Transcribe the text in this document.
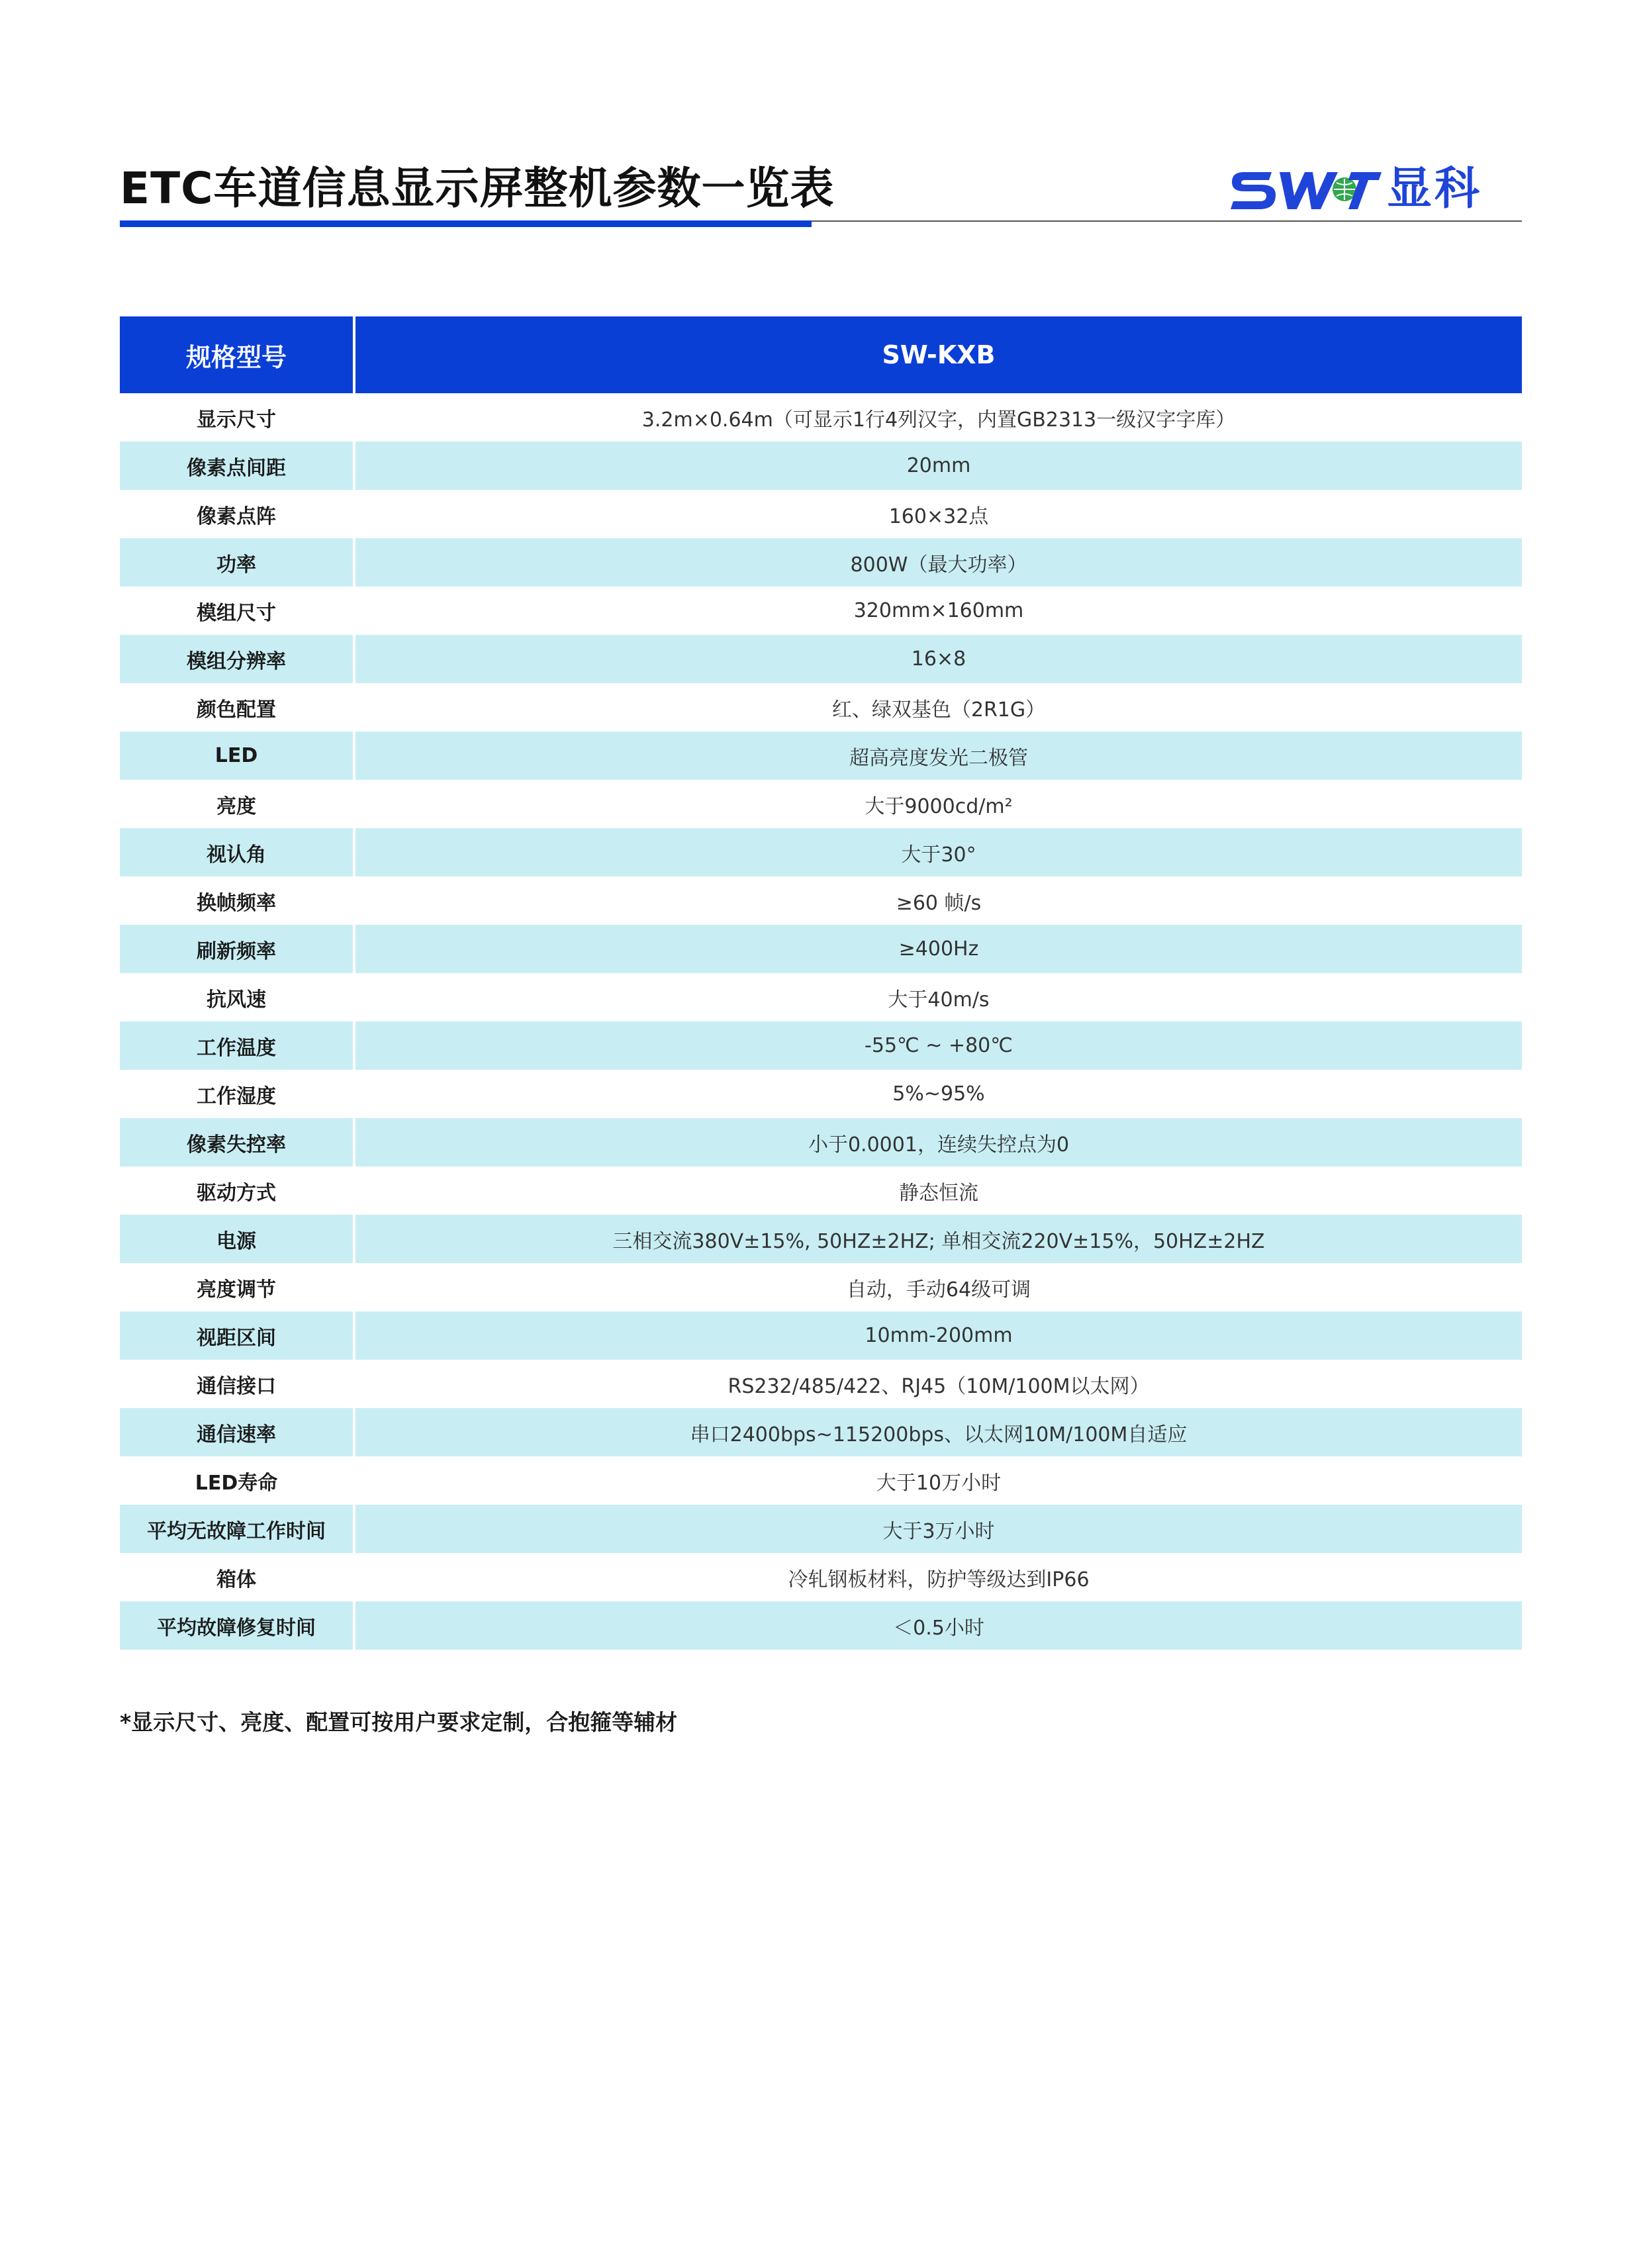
ETC车道信息显示屏整机参数一览表	显科
规格型号	SW-KXB
显示尺寸	3.2m×0.64m（可显示1行4列汉字，内置GB2313一级汉字字库）
像素点间距	20mm
像素点阵	160×32点
功率	800W（最大功率）
模组尺寸	320mm×160mm
模组分辨率	16×8
颜色配置	红、绿双基色（2R1G）
LED	超高亮度发光二极管
亮度	大于9000cd/m²
视认角	大于30°
换帧频率	≥60 帧/s
刷新频率	≥400Hz
抗风速	大于40m/s
工作温度	-55℃ ~ +80℃
工作湿度	5%~95%
像素失控率	小于0.0001，连续失控点为0
驱动方式	静态恒流
电源	三相交流380V±15%, 50HZ±2HZ; 单相交流220V±15%，50HZ±2HZ
亮度调节	自动，手动64级可调
视距区间	10mm-200mm
通信接口	RS232/485/422、RJ45（10M/100M以太网）
通信速率	串口2400bps~115200bps、以太网10M/100M自适应
LED寿命	大于10万小时
平均无故障工作时间	大于3万小时
箱体	冷轧钢板材料，防护等级达到IP66
平均故障修复时间	＜0.5小时
*显示尺寸、亮度、配置可按用户要求定制，合抱箍等辅材
